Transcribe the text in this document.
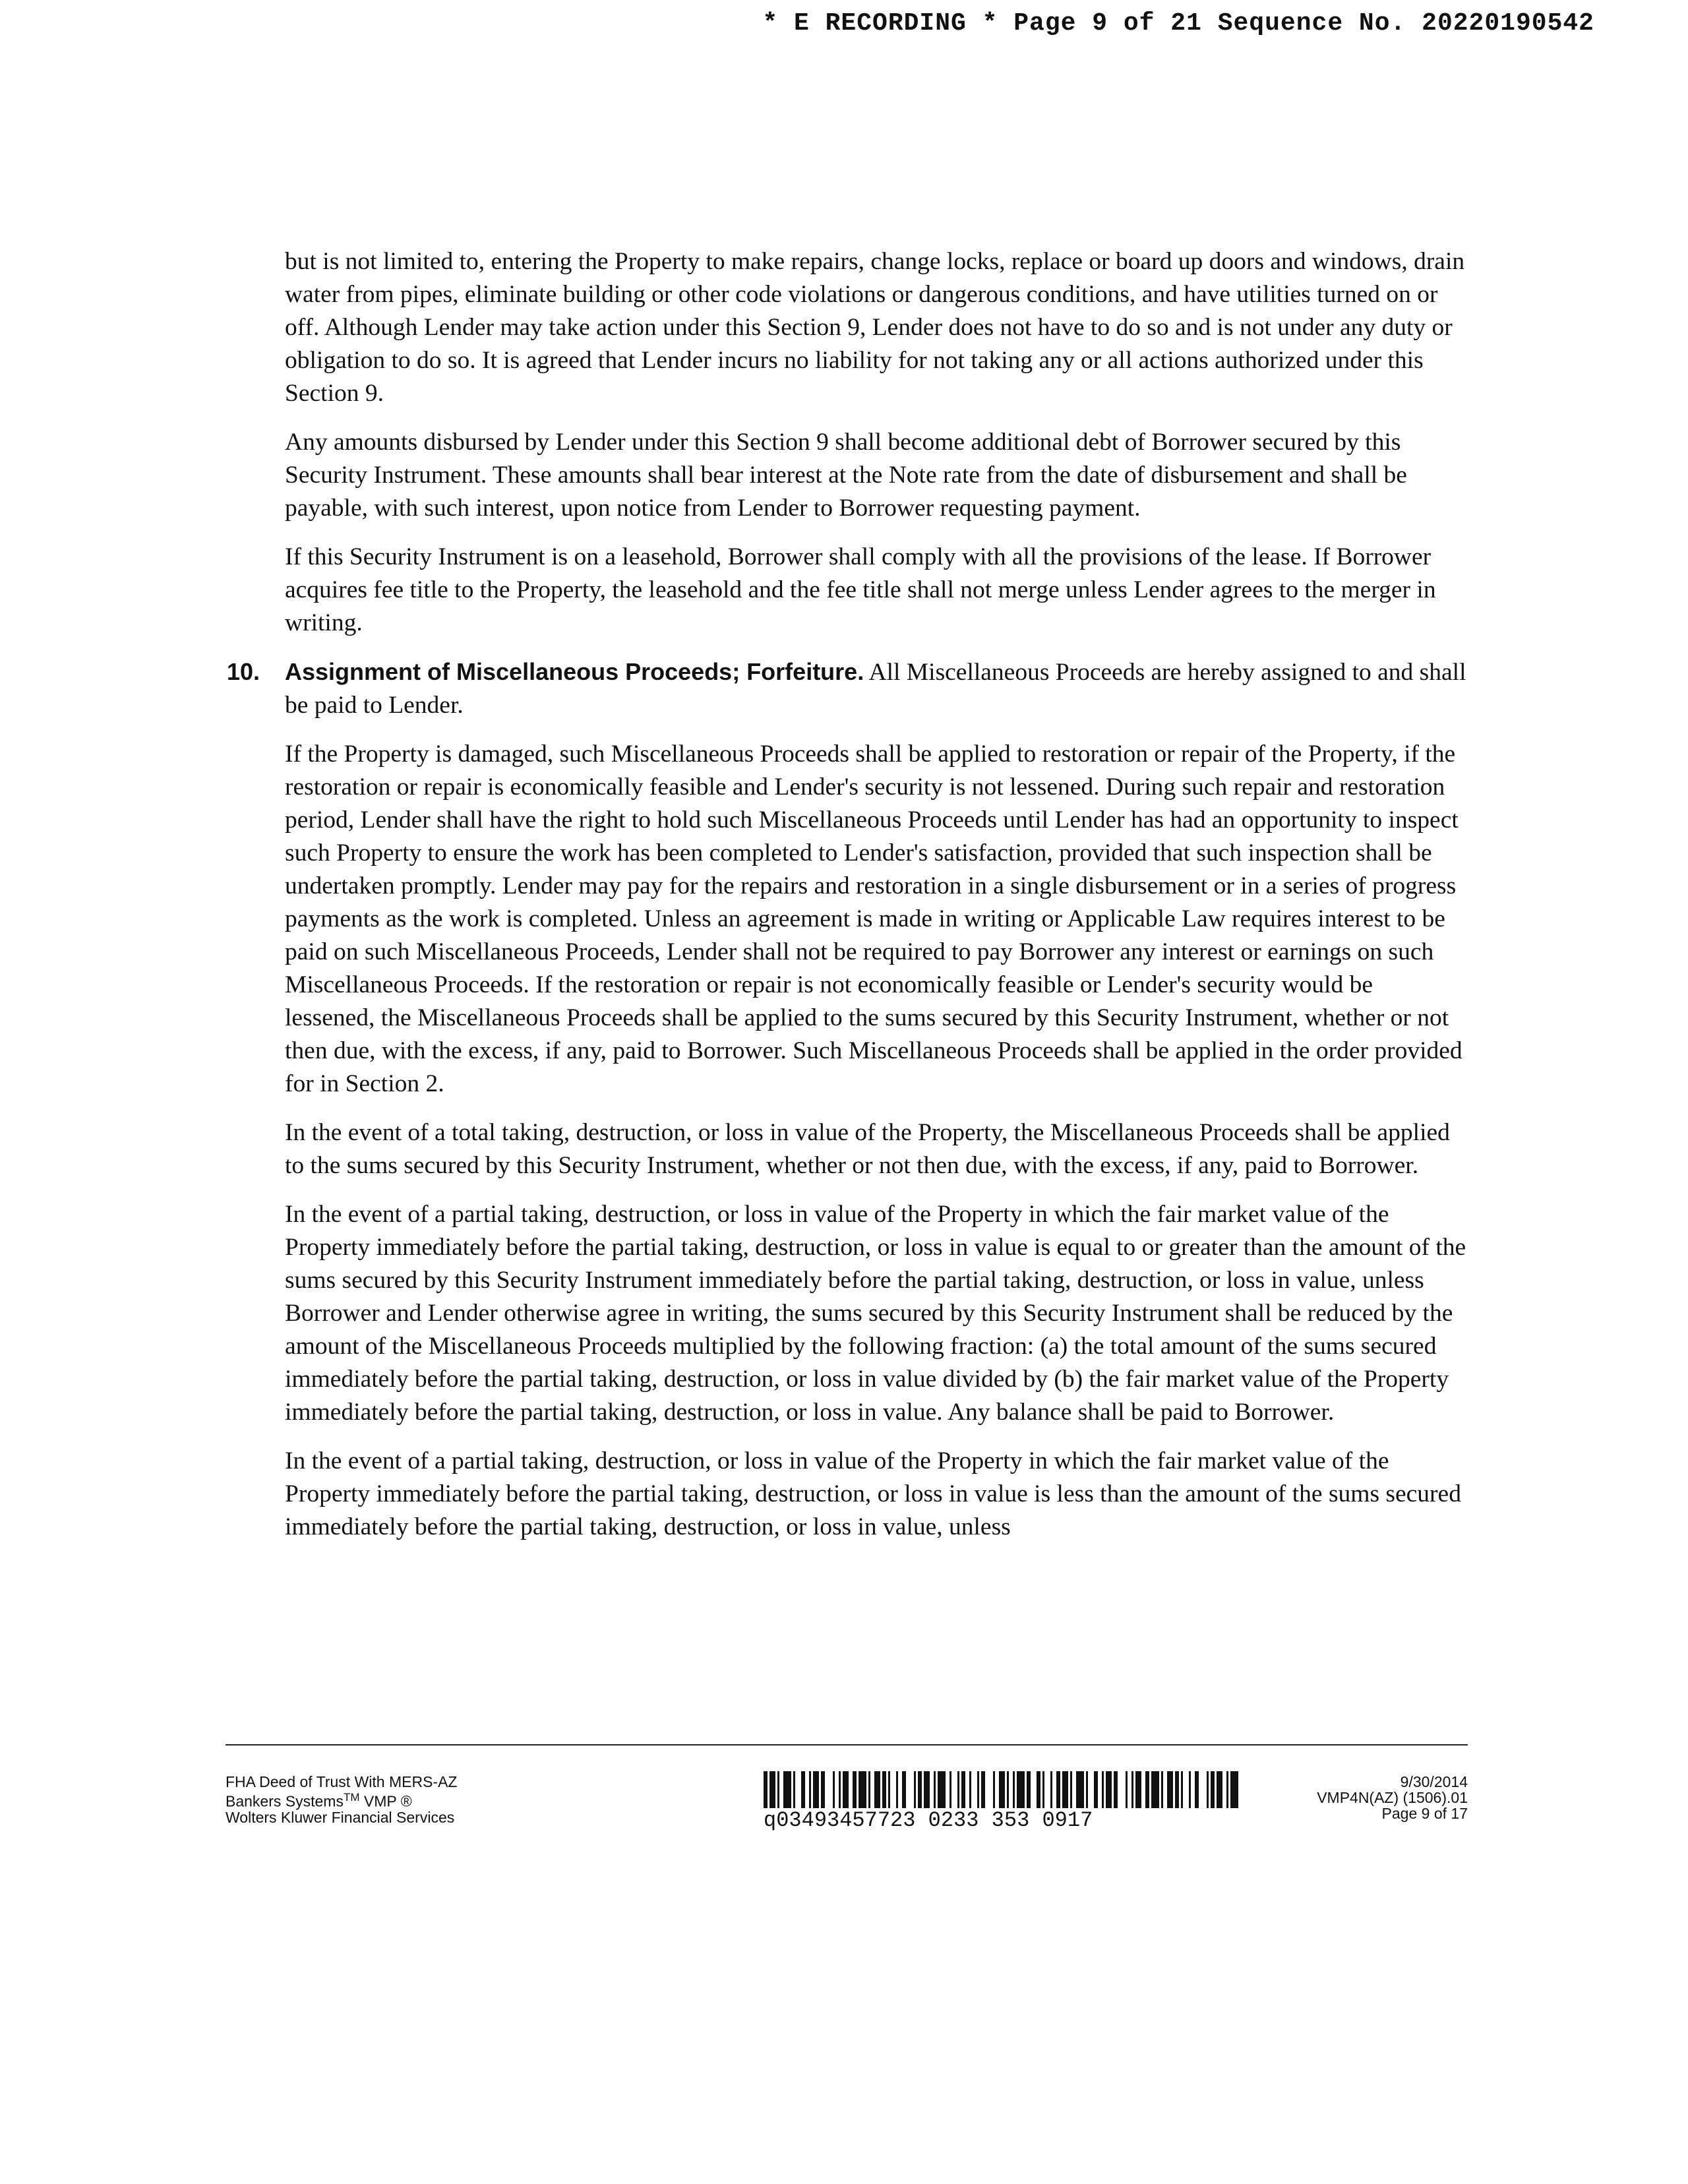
* E RECORDING * Page 9 of 21 Sequence No. 20220190542

but is not limited to, entering the Property to make repairs, change locks, replace or board up doors and windows, drain water from pipes, eliminate building or other code violations or dangerous conditions, and have utilities turned on or off. Although Lender may take action under this Section 9, Lender does not have to do so and is not under any duty or obligation to do so. It is agreed that Lender incurs no liability for not taking any or all actions authorized under this Section 9.

Any amounts disbursed by Lender under this Section 9 shall become additional debt of Borrower secured by this Security Instrument. These amounts shall bear interest at the Note rate from the date of disbursement and shall be payable, with such interest, upon notice from Lender to Borrower requesting payment.

If this Security Instrument is on a leasehold, Borrower shall comply with all the provisions of the lease. If Borrower acquires fee title to the Property, the leasehold and the fee title shall not merge unless Lender agrees to the merger in writing.

10. Assignment of Miscellaneous Proceeds; Forfeiture. All Miscellaneous Proceeds are hereby assigned to and shall be paid to Lender.

If the Property is damaged, such Miscellaneous Proceeds shall be applied to restoration or repair of the Property, if the restoration or repair is economically feasible and Lender's security is not lessened. During such repair and restoration period, Lender shall have the right to hold such Miscellaneous Proceeds until Lender has had an opportunity to inspect such Property to ensure the work has been completed to Lender's satisfaction, provided that such inspection shall be undertaken promptly. Lender may pay for the repairs and restoration in a single disbursement or in a series of progress payments as the work is completed. Unless an agreement is made in writing or Applicable Law requires interest to be paid on such Miscellaneous Proceeds, Lender shall not be required to pay Borrower any interest or earnings on such Miscellaneous Proceeds. If the restoration or repair is not economically feasible or Lender's security would be lessened, the Miscellaneous Proceeds shall be applied to the sums secured by this Security Instrument, whether or not then due, with the excess, if any, paid to Borrower. Such Miscellaneous Proceeds shall be applied in the order provided for in Section 2.

In the event of a total taking, destruction, or loss in value of the Property, the Miscellaneous Proceeds shall be applied to the sums secured by this Security Instrument, whether or not then due, with the excess, if any, paid to Borrower.

In the event of a partial taking, destruction, or loss in value of the Property in which the fair market value of the Property immediately before the partial taking, destruction, or loss in value is equal to or greater than the amount of the sums secured by this Security Instrument immediately before the partial taking, destruction, or loss in value, unless Borrower and Lender otherwise agree in writing, the sums secured by this Security Instrument shall be reduced by the amount of the Miscellaneous Proceeds multiplied by the following fraction: (a) the total amount of the sums secured immediately before the partial taking, destruction, or loss in value divided by (b) the fair market value of the Property immediately before the partial taking, destruction, or loss in value. Any balance shall be paid to Borrower.

In the event of a partial taking, destruction, or loss in value of the Property in which the fair market value of the Property immediately before the partial taking, destruction, or loss in value is less than the amount of the sums secured immediately before the partial taking, destruction, or loss in value, unless

FHA Deed of Trust With MERS-AZ
Bankers Systems™ VMP ®
Wolters Kluwer Financial Services	q03493457723 0233 353 0917
9/30/2014
VMP4N(AZ) (1506).01
Page 9 of 17
